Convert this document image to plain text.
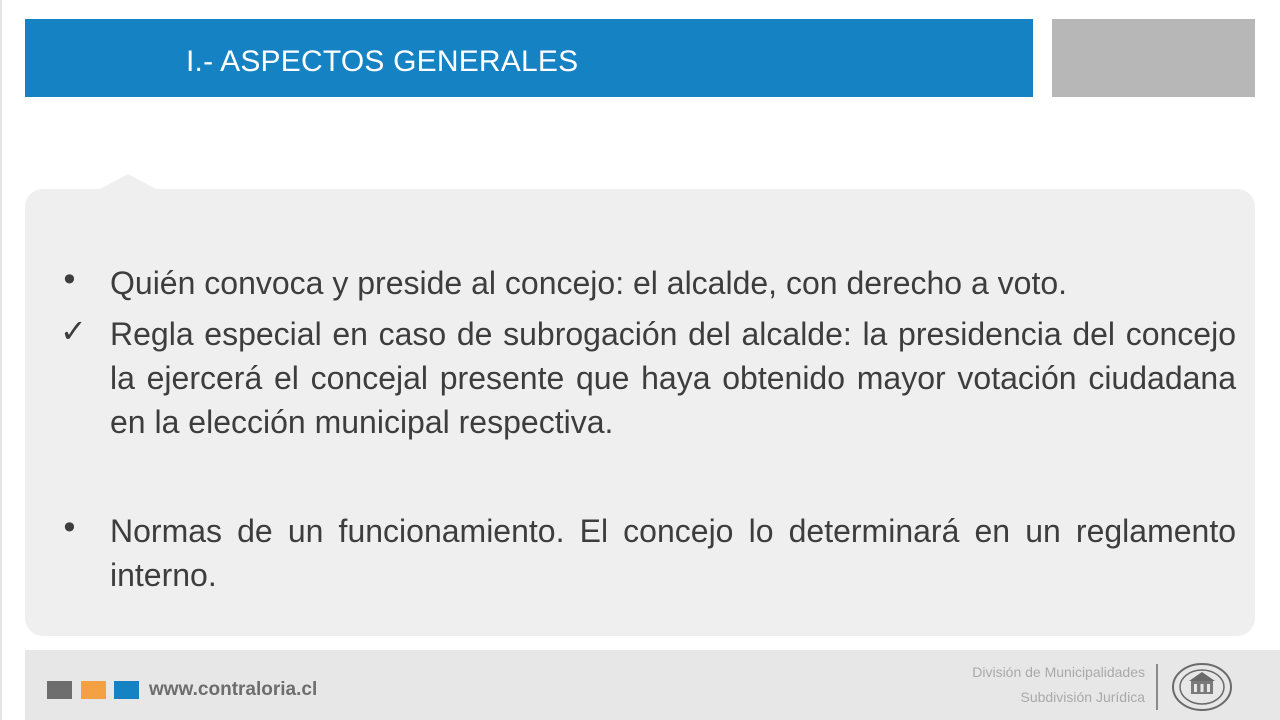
I.- ASPECTOS GENERALES
• Quién convoca y preside al concejo: el alcalde, con derecho a voto.
✓ Regla especial en caso de subrogación del alcalde: la presidencia del concejo la ejercerá el concejal presente que haya obtenido mayor votación ciudadana en la elección municipal respectiva.
• Normas de un funcionamiento. El concejo lo determinará en un reglamento interno.
www.contraloria.cl
División de Municipalidades
Subdivisión Jurídica
